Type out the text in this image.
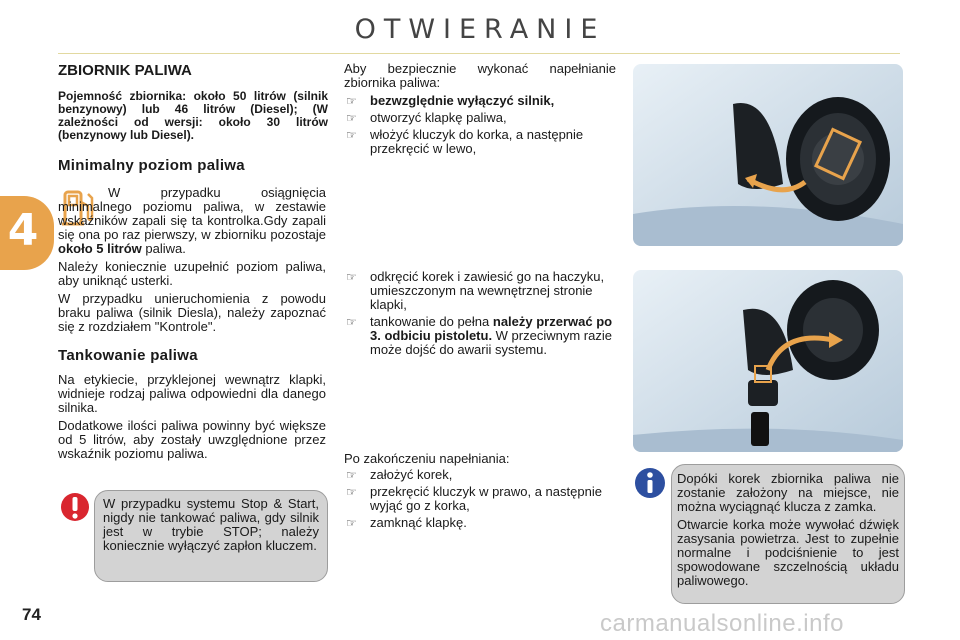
OTWIERANIE
4
ZBIORNIK PALIWA

Pojemność zbiornika: około 50 litrów (silnik benzynowy) lub 46 litrów (Diesel); (W zależności od wersji: około 30 litrów (benzynowy lub Diesel).

Minimalny poziom paliwa

W przypadku osiągnięcia minimalnego poziomu paliwa, w zestawie wskaźników zapali się ta kontrolka.Gdy zapali się ona po raz pierwszy, w zbiorniku pozostaje około 5 litrów paliwa.

Należy koniecznie uzupełnić poziom paliwa, aby uniknąć usterki.

W przypadku unieruchomienia z powodu braku paliwa (silnik Diesla), należy zapoznać się z rozdziałem "Kontrole".

Tankowanie paliwa

Na etykiecie, przyklejonej wewnątrz klapki, widnieje rodzaj paliwa odpowiedni dla danego silnika.

Dodatkowe ilości paliwa powinny być większe od 5 litrów, aby zostały uwzględnione przez wskaźnik poziomu paliwa.

W przypadku systemu Stop & Start, nigdy nie tankować paliwa, gdy silnik jest w trybie STOP; należy koniecznie wyłączyć zapłon kluczem.

Aby bezpiecznie wykonać napełnianie zbiornika paliwa:

☞ bezwzględnie wyłączyć silnik,
☞ otworzyć klapkę paliwa,
☞ włożyć kluczyk do korka, a następnie przekręcić w lewo,
☞ odkręcić korek i zawiesić go na haczyku, umieszczonym na wewnętrznej stronie klapki,
☞ tankowanie do pełna należy przerwać po 3. odbiciu pistoletu. W przeciwnym razie może dojść do awarii systemu.

Po zakończeniu napełniania:

☞ założyć korek,
☞ przekręcić kluczyk w prawo, a następnie wyjąć go z korka,
☞ zamknąć klapkę.

Dopóki korek zbiornika paliwa nie zostanie założony na miejsce, nie można wyciągnąć kluczа z zamka.

Otwarcie korka może wywołać dźwięk zasysania powietrza. Jest to zupełnie normalne i podciśnienie to jest spowodowane szczelnością układu paliwowego.

74	carmanualsonline.info
